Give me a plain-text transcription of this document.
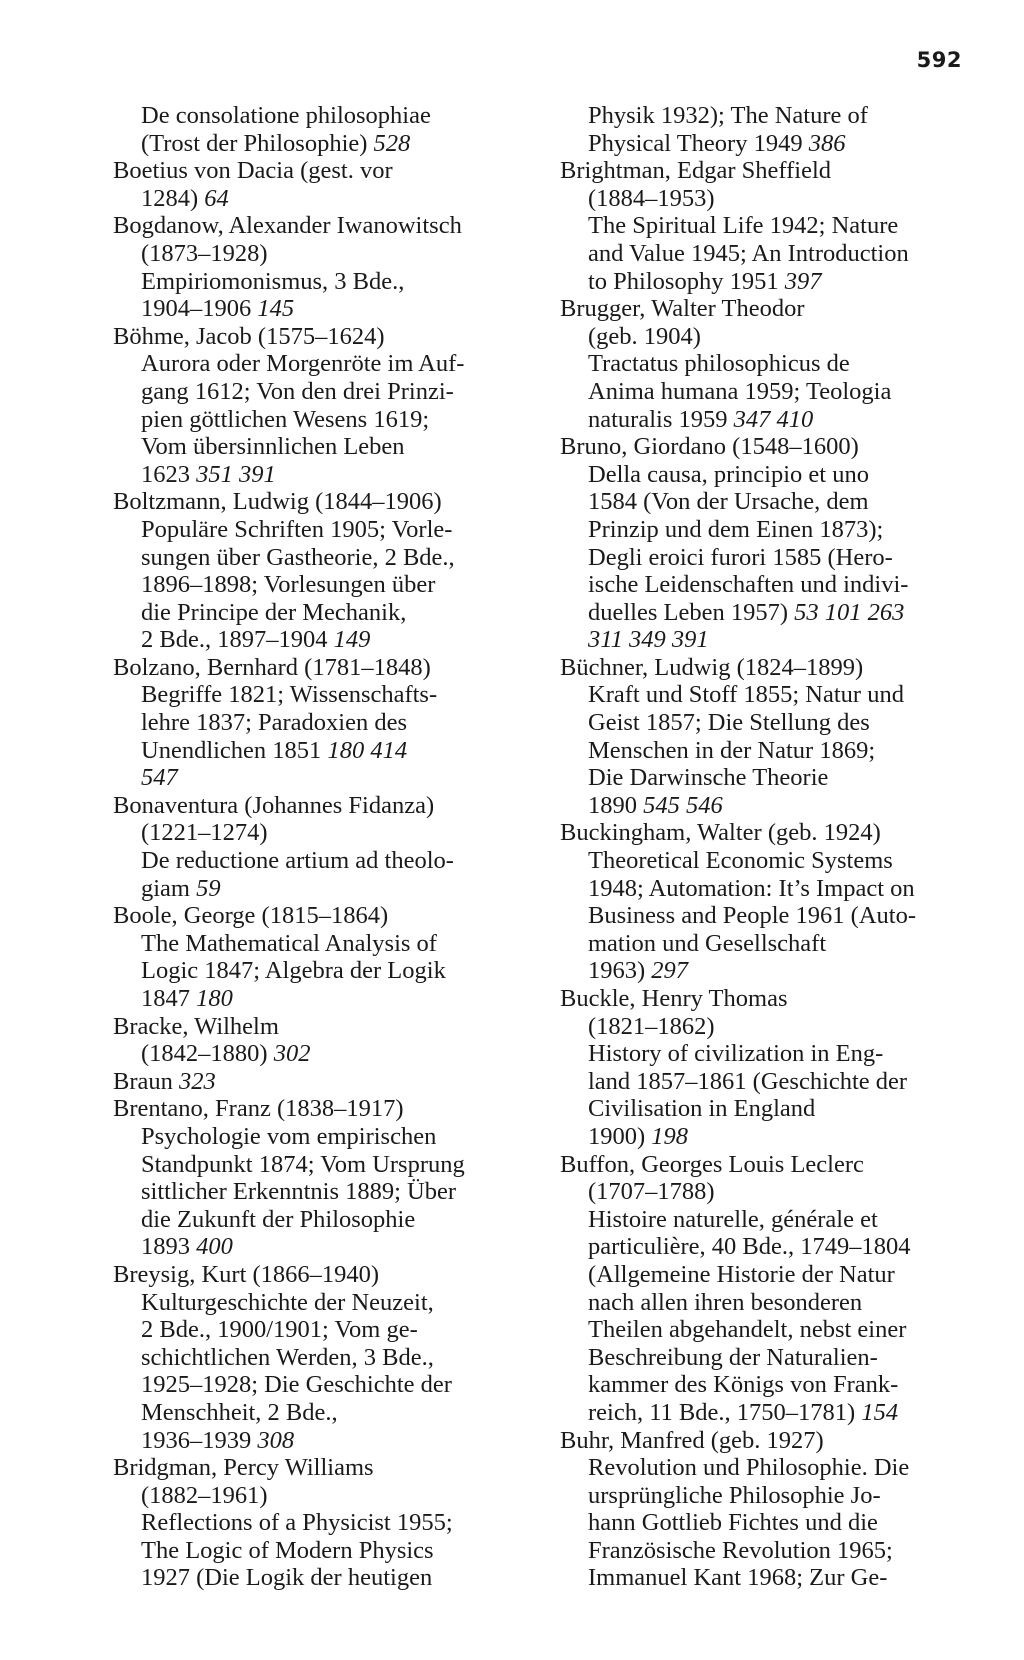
592
De consolatione philosophiae
(Trost der Philosophie) 528
Boetius von Dacia (gest. vor
1284) 64
Bogdanow, Alexander Iwanowitsch
(1873–1928)
Empiriomonismus, 3 Bde.,
1904–1906 145
Böhme, Jacob (1575–1624)
Aurora oder Morgenröte im Auf-
gang 1612; Von den drei Prinzi-
pien göttlichen Wesens 1619;
Vom übersinnlichen Leben
1623 351 391
Boltzmann, Ludwig (1844–1906)
Populäre Schriften 1905; Vorle-
sungen über Gastheorie, 2 Bde.,
1896–1898; Vorlesungen über
die Principe der Mechanik,
2 Bde., 1897–1904 149
Bolzano, Bernhard (1781–1848)
Begriffe 1821; Wissenschafts-
lehre 1837; Paradoxien des
Unendlichen 1851 180 414
547
Bonaventura (Johannes Fidanza)
(1221–1274)
De reductione artium ad theolo-
giam 59
Boole, George (1815–1864)
The Mathematical Analysis of
Logic 1847; Algebra der Logik
1847 180
Bracke, Wilhelm
(1842–1880) 302
Braun 323
Brentano, Franz (1838–1917)
Psychologie vom empirischen
Standpunkt 1874; Vom Ursprung
sittlicher Erkenntnis 1889; Über
die Zukunft der Philosophie
1893 400
Breysig, Kurt (1866–1940)
Kulturgeschichte der Neuzeit,
2 Bde., 1900/1901; Vom ge-
schichtlichen Werden, 3 Bde.,
1925–1928; Die Geschichte der
Menschheit, 2 Bde.,
1936–1939 308
Bridgman, Percy Williams
(1882–1961)
Reflections of a Physicist 1955;
The Logic of Modern Physics
1927 (Die Logik der heutigen
Physik 1932); The Nature of
Physical Theory 1949 386
Brightman, Edgar Sheffield
(1884–1953)
The Spiritual Life 1942; Nature
and Value 1945; An Introduction
to Philosophy 1951 397
Brugger, Walter Theodor
(geb. 1904)
Tractatus philosophicus de
Anima humana 1959; Teologia
naturalis 1959 347 410
Bruno, Giordano (1548–1600)
Della causa, principio et uno
1584 (Von der Ursache, dem
Prinzip und dem Einen 1873);
Degli eroici furori 1585 (Hero-
ische Leidenschaften und indivi-
duelles Leben 1957) 53 101 263
311 349 391
Büchner, Ludwig (1824–1899)
Kraft und Stoff 1855; Natur und
Geist 1857; Die Stellung des
Menschen in der Natur 1869;
Die Darwinsche Theorie
1890 545 546
Buckingham, Walter (geb. 1924)
Theoretical Economic Systems
1948; Automation: It’s Impact on
Business and People 1961 (Auto-
mation und Gesellschaft
1963) 297
Buckle, Henry Thomas
(1821–1862)
History of civilization in Eng-
land 1857–1861 (Geschichte der
Civilisation in England
1900) 198
Buffon, Georges Louis Leclerc
(1707–1788)
Histoire naturelle, générale et
particulière, 40 Bde., 1749–1804
(Allgemeine Historie der Natur
nach allen ihren besonderen
Theilen abgehandelt, nebst einer
Beschreibung der Naturalien-
kammer des Königs von Frank-
reich, 11 Bde., 1750–1781) 154
Buhr, Manfred (geb. 1927)
Revolution und Philosophie. Die
ursprüngliche Philosophie Jo-
hann Gottlieb Fichtes und die
Französische Revolution 1965;
Immanuel Kant 1968; Zur Ge-
